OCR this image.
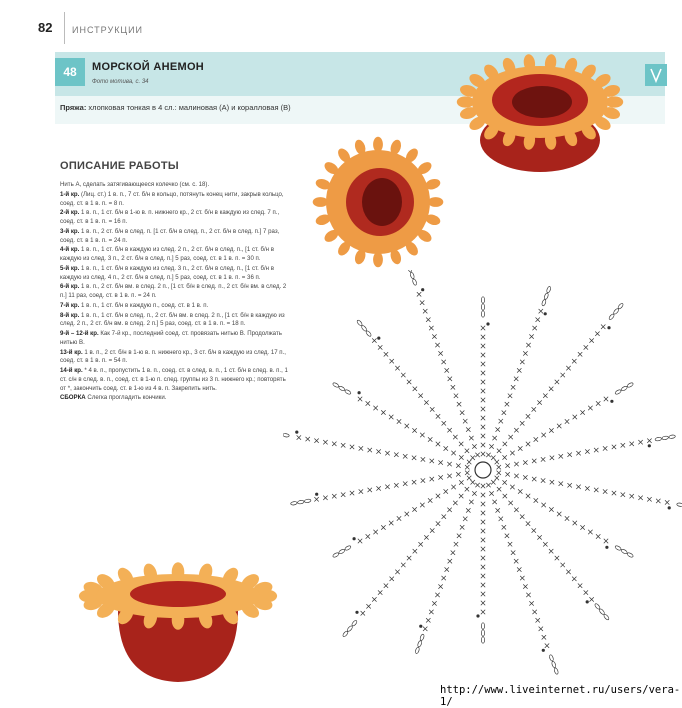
82 ИНСТРУКЦИИ
48	МОРСКОЙ АНЕМОН
Фото мотива, с. 34
Пряжа: хлопковая тонкая в 4 сл.: малиновая (А) и коралловая (В)
ОПИСАНИЕ РАБОТЫ

Нить А, сделать затягивающееся колечко (см. с. 18).

1-й кр. (Лиц. ст.) 1 в. п., 7 ст. б/н в кольцо, потянуть конец нити, закрыв кольцо, соед. ст. в 1 в. п. = 8 п.

2-й кр. 1 в. п., 1 ст. б/н в 1-ю в. п. нижнего кр., 2 ст. б/н в каждую из след. 7 п., соед. ст. в 1 в. п. = 16 п.

3-й кр. 1 в. п., 2 ст. б/н в след. п. [1 ст. б/н в след. п., 2 ст. б/н в след. п.] 7 раз, соед. ст. в 1 в. п. = 24 п.

4-й кр. 1 в. п., 1 ст. б/н в каждую из след. 2 п., 2 ст. б/н в след. п., [1 ст. б/н в каждую из след. 3 п., 2 ст. б/н в след. п.] 5 раз, соед. ст. в 1 в. п. = 30 п.

5-й кр. 1 в. п., 1 ст. б/н в каждую из след. 3 п., 2 ст. б/н в след. п., [1 ст. б/н в каждую из след. 4 п., 2 ст. б/н в след. п.] 5 раз, соед. ст. в 1 в. п. = 36 п.

6-й кр. 1 в. п., 2 ст. б/н вм. в след. 2 п., [1 ст. б/н в след. п., 2 ст. б/н вм. в след. 2 п.] 11 раз, соед. ст. в 1 в. п. = 24 п.

7-й кр. 1 в. п., 1 ст. б/н в каждую п., соед. ст. в 1 в. п.

8-й кр. 1 в. п., 1 ст. б/н в след. п., 2 ст. б/н вм. в след. 2 п., [1 ст. б/н в каждую из след. 2 п., 2 ст. б/н вм. в след. 2 п.] 5 раз, соед. ст. в 1 в. п. = 18 п.

9-й – 12-й кр. Как 7-й кр., последний соед. ст. провязать нитью В. Продолжать нитью В.

13-й кр. 1 в. п., 2 ст. б/н в 1-ю в. п. нижнего кр., 3 ст. б/н в каждую из след. 17 п., соед. ст. в 1 в. п. = 54 п.

14-й кр. * 4 в. п., пропустить 1 в. п., соед. ст. в след. в. п., 1 ст. б/н в след. в. п., 1 ст. с/н в след. в. п., соед. ст. в 1-ю п. след. группы из 3 п. нижнего кр.; повторять от *, закончить соед. ст. в 1-ю из 4 в. п. Закрепить нить.

СБОРКА Слегка прогладить кончики.

http://www.liveinternet.ru/users/vera-1/
